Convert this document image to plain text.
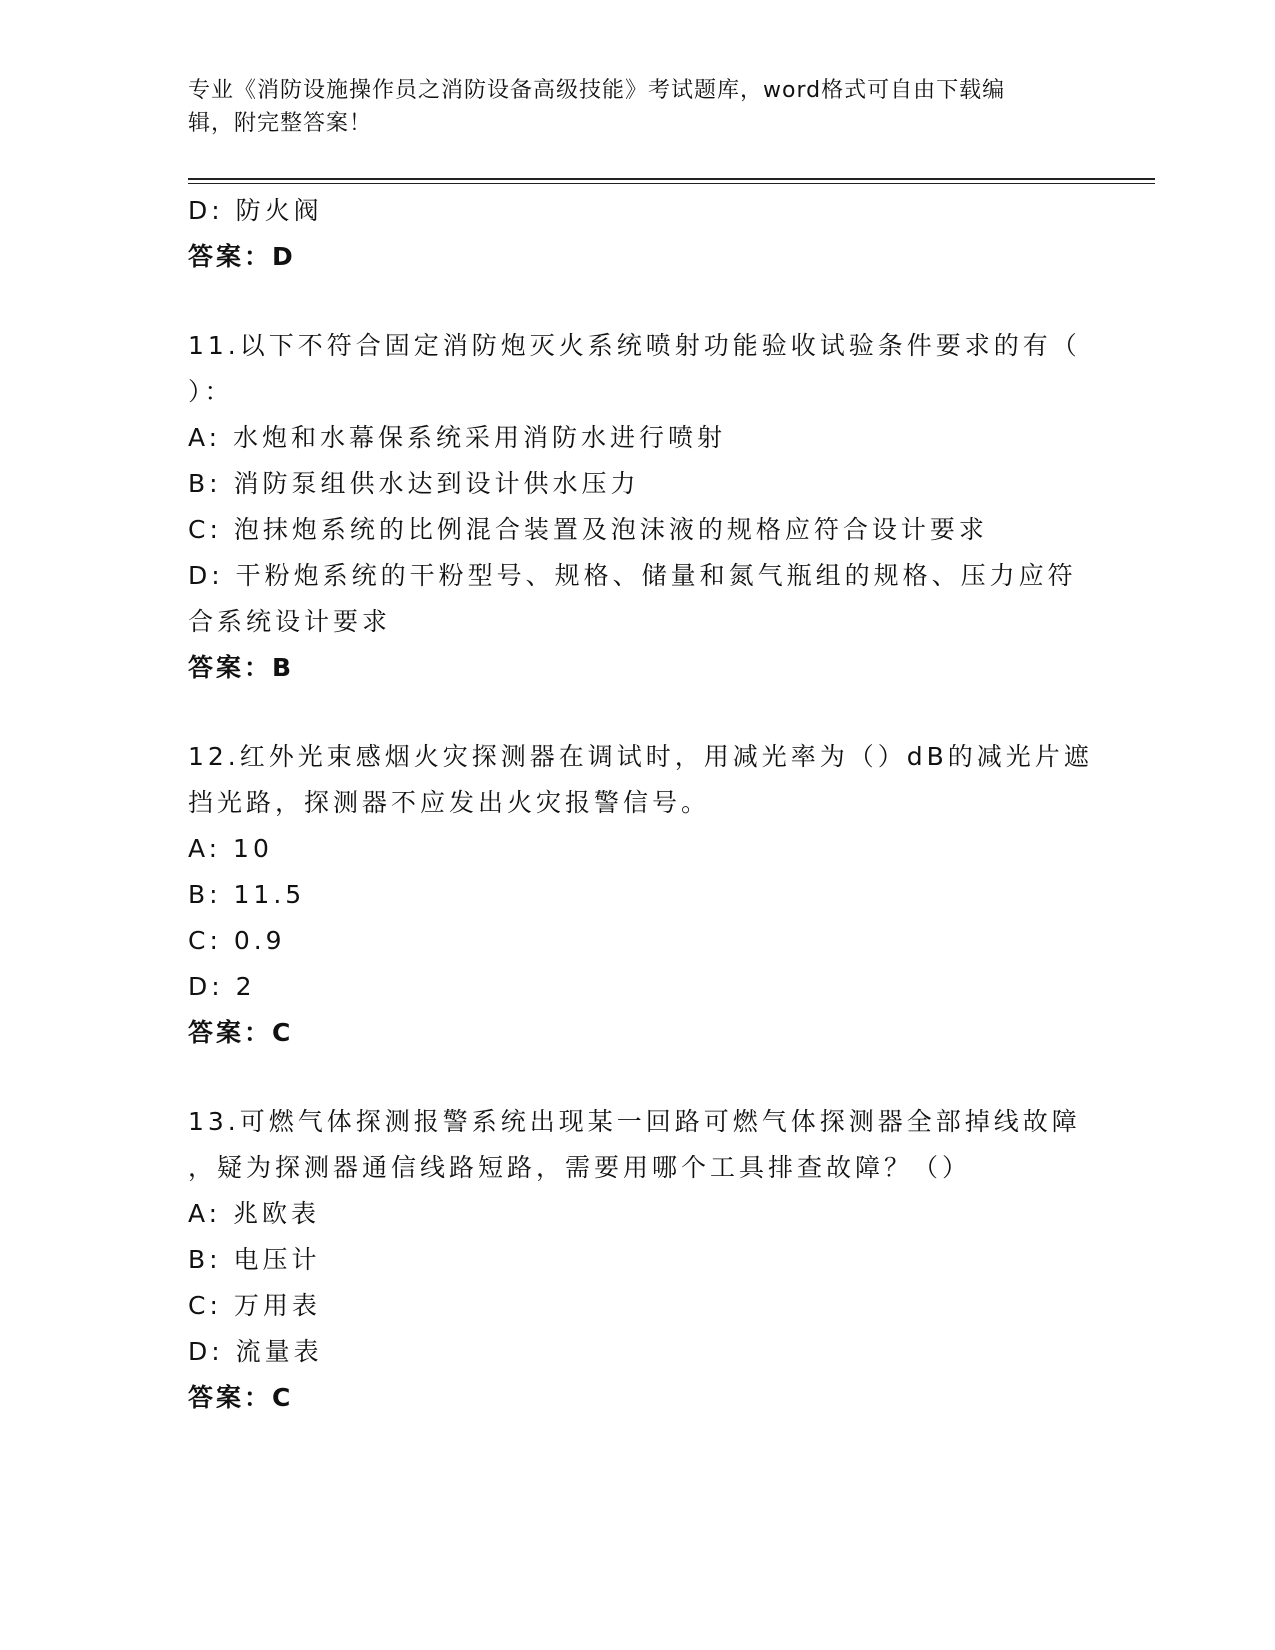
专业《消防设施操作员之消防设备高级技能》考试题库，word格式可自由下载编
辑，附完整答案！
D: 防火阀
答案：D
11.以下不符合固定消防炮灭火系统喷射功能验收试验条件要求的有（
）：
A: 水炮和水幕保系统采用消防水进行喷射
B: 消防泵组供水达到设计供水压力
C: 泡抹炮系统的比例混合装置及泡沫液的规格应符合设计要求
D: 干粉炮系统的干粉型号、规格、储量和氮气瓶组的规格、压力应符
合系统设计要求
答案：B
12.红外光束感烟火灾探测器在调试时，用减光率为（）dB的减光片遮
挡光路，探测器不应发出火灾报警信号。
A: 10
B: 11.5
C: 0.9
D: 2
答案：C
13.可燃气体探测报警系统出现某一回路可燃气体探测器全部掉线故障
，疑为探测器通信线路短路，需要用哪个工具排查故障？（）
A: 兆欧表
B: 电压计
C: 万用表
D: 流量表
答案：C
